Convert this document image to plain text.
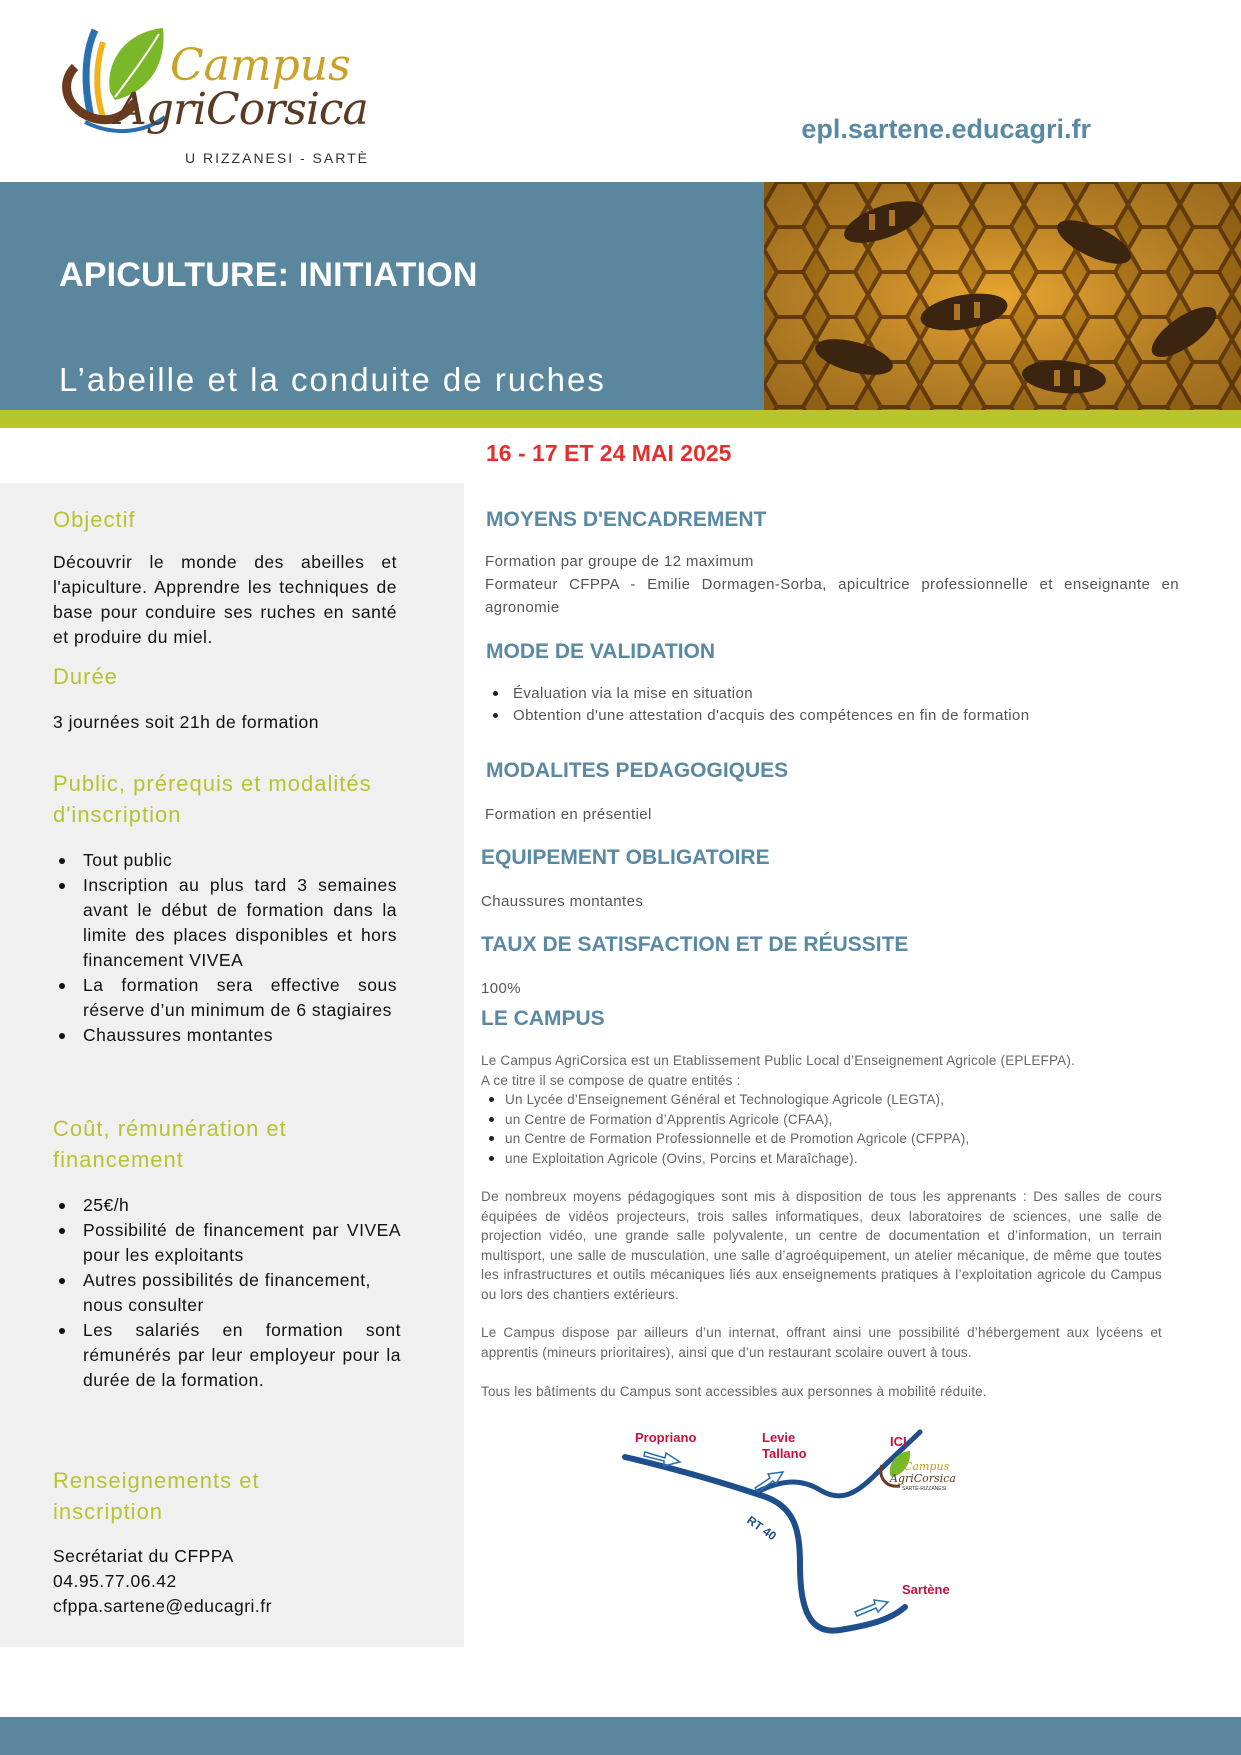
Campus
AgriCorsica
U RIZZANESI - SARTÈ
epl.sartene.educagri.fr
APICULTURE: INITIATION
L’abeille et la conduite de ruches
16 - 17 ET 24 MAI 2025
Objectif
Découvrir le monde des abeilles et l'apiculture. Apprendre les techniques de base pour conduire ses ruches en santé et produire du miel.
Durée
3 journées soit 21h de formation
Public, prérequis et modalités
d'inscription
Tout public
Inscription au plus tard 3 semaines avant le début de formation dans la limite des places disponibles et hors financement VIVEA
La formation sera effective sous réserve d’un minimum de 6 stagiaires
Chaussures montantes
Coût, rémunération et
financement
25€/h
Possibilité de financement par VIVEA pour les exploitants
Autres possibilités de financement, nous consulter
Les salariés en formation sont rémunérés par leur employeur pour la durée de la formation.
Renseignements et
inscription
Secrétariat du CFPPA
04.95.77.06.42
cfppa.sartene@educagri.fr
MOYENS D'ENCADREMENT
Formation par groupe de 12 maximum
Formateur CFPPA - Emilie Dormagen-Sorba, apicultrice professionnelle et enseignante en agronomie
MODE DE VALIDATION
Évaluation via la mise en situation
Obtention d'une attestation d'acquis des compétences en fin de formation
MODALITES PEDAGOGIQUES
Formation en présentiel
EQUIPEMENT OBLIGATOIRE
Chaussures montantes
TAUX DE SATISFACTION ET DE RÉUSSITE
100%
LE CAMPUS
Le Campus AgriCorsica est un Etablissement Public Local d’Enseignement Agricole (EPLEFPA).
A ce titre il se compose de quatre entités :
Un Lycée d’Enseignement Général et Technologique Agricole (LEGTA),
un Centre de Formation d’Apprentis Agricole (CFAA),
un Centre de Formation Professionnelle et de Promotion Agricole (CFPPA),
une Exploitation Agricole (Ovins, Porcins et Maraîchage).
De nombreux moyens pédagogiques sont mis à disposition de tous les apprenants : Des salles de cours équipées de vidéos projecteurs, trois salles informatiques, deux laboratoires de sciences, une salle de projection vidéo, une grande salle polyvalente, un centre de documentation et d’information, un terrain multisport, une salle de musculation, une salle d’agroéquipement, un atelier mécanique, de même que toutes les infrastructures et outils mécaniques liés aux enseignements pratiques à l’exploitation agricole du Campus ou lors des chantiers extérieurs.
Le Campus dispose par ailleurs d’un internat, offrant ainsi une possibilité d’hébergement aux lycéens et apprentis (mineurs prioritaires), ainsi que d’un restaurant scolaire ouvert à tous.
Tous les bâtiments du Campus sont accessibles aux personnes à mobilité réduite.
Propriano	Levie
Tallano
ICI
RT 40
Sartène
Campus
AgriCorsica
SARTÈ-RIZZANESI
